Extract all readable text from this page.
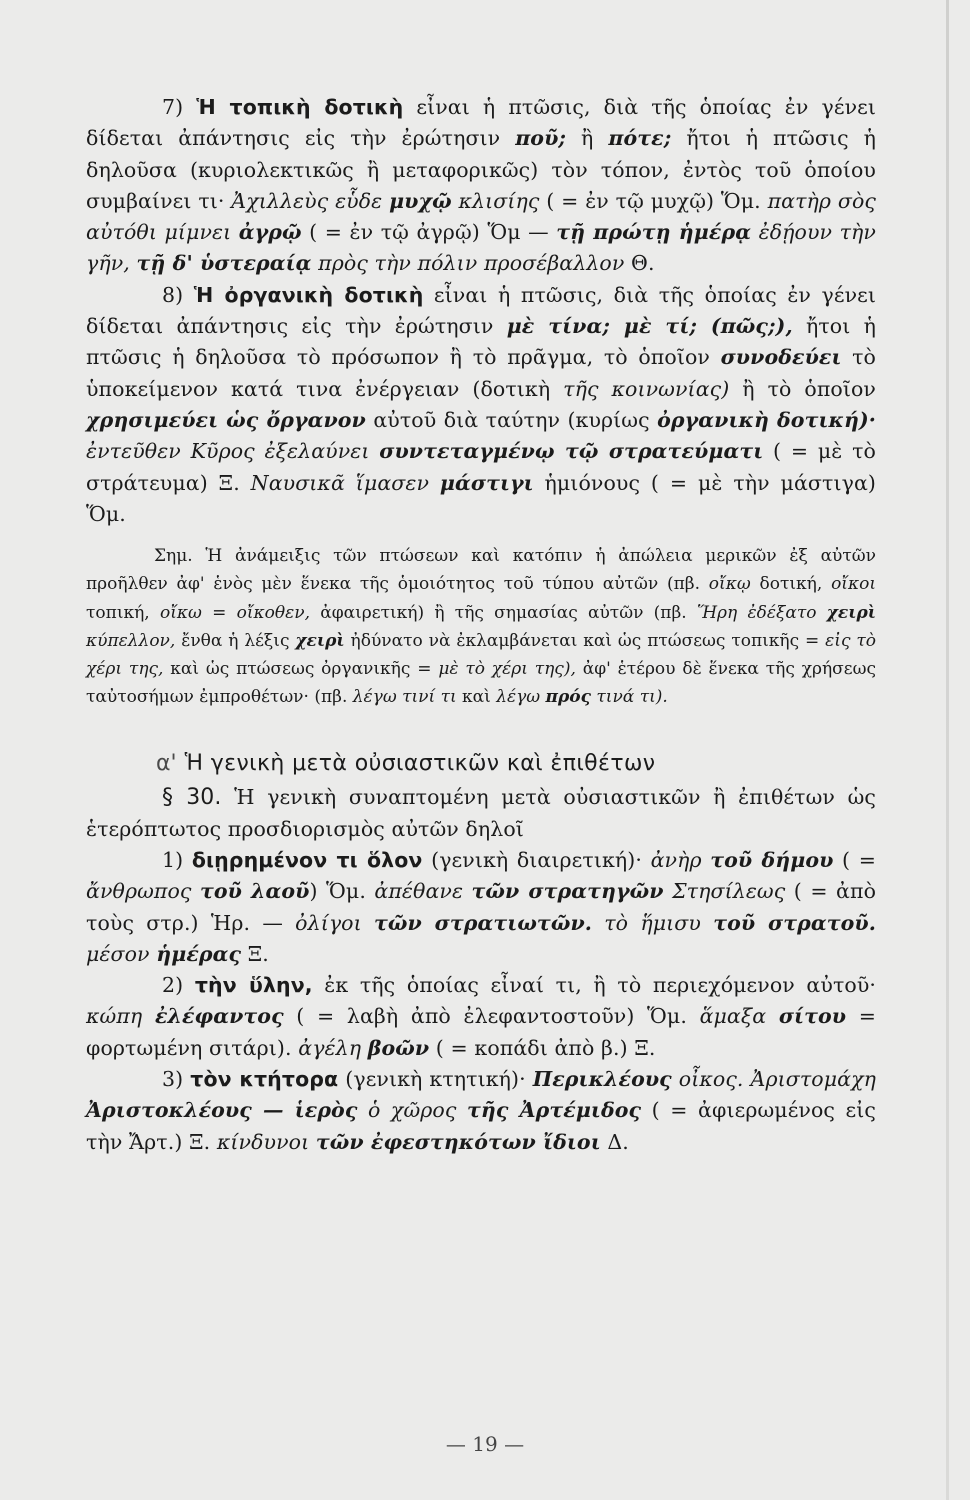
7) Ἡ τοπικὴ δοτικὴ εἶναι ἡ πτῶσις, διὰ τῆς ὁποίας ἐν γένει δίδεται ἀπάντησις εἰς τὴν ἐρώτησιν ποῦ; ἢ πότε; ἤτοι ἡ πτῶσις ἡ δηλοῦσα (κυριολεκτικῶς ἢ μεταφορικῶς) τὸν τόπον, ἐντὸς τοῦ ὁποίου συμβαίνει τι· Ἀχιλλεὺς εὗδε μυχῷ κλισίης ( = ἐν τῷ μυχῷ) Ὅμ. πατὴρ σὸς αὐτόθι μίμνει ἀγρῷ ( = ἐν τῷ ἀγρῷ) Ὅμ — τῇ πρώτῃ ἡμέρᾳ ἐδῄουν τὴν γῆν, τῇ δ' ὑστεραίᾳ πρὸς τὴν πόλιν προσέβαλλον Θ.

8) Ἡ ὀργανικὴ δοτικὴ εἶναι ἡ πτῶσις, διὰ τῆς ὁποίας ἐν γένει δίδεται ἀπάντησις εἰς τὴν ἐρώτησιν μὲ τίνα; μὲ τί; (πῶς;), ἤτοι ἡ πτῶσις ἡ δηλοῦσα τὸ πρόσωπον ἢ τὸ πρᾶγμα, τὸ ὁποῖον συνοδεύει τὸ ὑποκείμενον κατά τινα ἐνέργειαν (δοτικὴ τῆς κοινωνίας) ἢ τὸ ὁποῖον χρησιμεύει ὡς ὄργανον αὐτοῦ διὰ ταύτην (κυρίως ὀργανικὴ δοτική)· ἐντεῦθεν Κῦρος ἐξελαύνει συντεταγμένῳ τῷ στρατεύματι ( = μὲ τὸ στράτευμα) Ξ. Ναυσικᾶ ἵμασεν μάστιγι ἡμιόνους ( = μὲ τὴν μάστιγα) Ὅμ.

Σημ. Ἡ ἀνάμειξις τῶν πτώσεων καὶ κατόπιν ἡ ἀπώλεια μερικῶν ἐξ αὐτῶν προῆλθεν ἀφ' ἑνὸς μὲν ἕνεκα τῆς ὁμοιότητος τοῦ τύπου αὐτῶν (πβ. οἴκῳ δοτική, οἴκοι τοπική, οἴκω = οἴκοθεν, ἀφαιρετική) ἢ τῆς σημασίας αὐτῶν (πβ. Ἥρη ἐδέξατο χειρὶ κύπελλον, ἔνθα ἡ λέξις χειρὶ ἠδύνατο νὰ ἐκλαμβάνεται καὶ ὡς πτώσεως τοπικῆς = εἰς τὸ χέρι της, καὶ ὡς πτώσεως ὀργανικῆς = μὲ τὸ χέρι της), ἀφ' ἑτέρου δὲ ἕνεκα τῆς χρήσεως ταὐτοσήμων ἐμπροθέτων· (πβ. λέγω τινί τι καὶ λέγω πρός τινά τι).

α' Ἡ γενικὴ μετὰ οὐσιαστικῶν καὶ ἐπιθέτων

§ 30. Ἡ γενικὴ συναπτομένη μετὰ οὐσιαστικῶν ἢ ἐπιθέτων ὡς ἑτερόπτωτος προσδιορισμὸς αὐτῶν δηλοῖ

1) διῃρημένον τι ὅλον (γενικὴ διαιρετική)· ἀνὴρ τοῦ δήμου ( = ἄνθρωπος τοῦ λαοῦ) Ὅμ. ἀπέθανε τῶν στρατηγῶν Στησίλεως ( = ἀπὸ τοὺς στρ.) Ἡρ. — ὀλίγοι τῶν στρατιωτῶν. τὸ ἥμισυ τοῦ στρατοῦ. μέσον ἡμέρας Ξ.

2) τὴν ὕλην, ἐκ τῆς ὁποίας εἶναί τι, ἢ τὸ περιεχόμενον αὐτοῦ· κώπη ἐλέφαντος ( = λαβὴ ἀπὸ ἐλεφαντοστοῦν) Ὅμ. ἅμαξα σίτου = φορτωμένη σιτάρι). ἀγέλη βοῶν ( = κοπάδι ἀπὸ β.) Ξ.

3) τὸν κτήτορα (γενικὴ κτητική)· Περικλέους οἶκος. Ἀριστομάχη Ἀριστοκλέους — ἱερὸς ὁ χῶρος τῆς Ἀρτέμιδος ( = ἀφιερωμένος εἰς τὴν Ἄρτ.) Ξ. κίνδυνοι τῶν ἐφεστηκότων ἴδιοι Δ.

— 19 —
